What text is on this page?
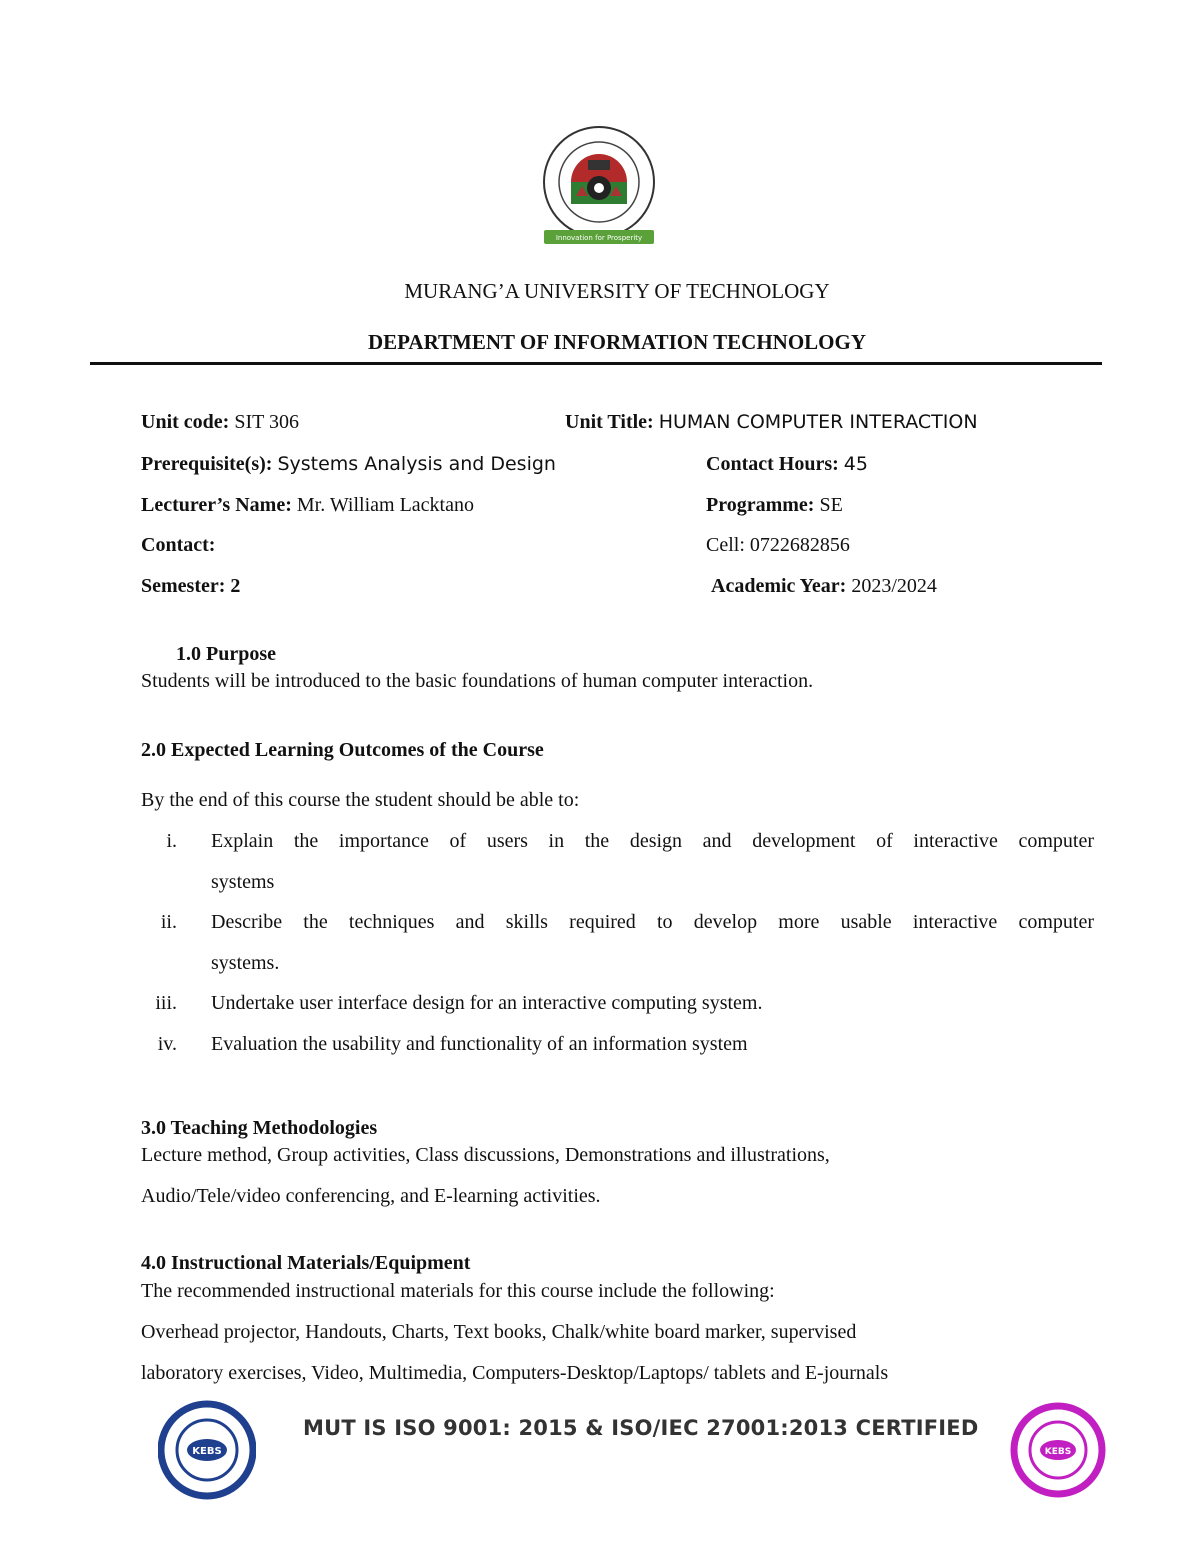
Innovation for Prosperity
MURANG’A UNIVERSITY OF TECHNOLOGY
DEPARTMENT OF INFORMATION TECHNOLOGY
Unit code: SIT 306	Unit Title: HUMAN COMPUTER INTERACTION
Prerequisite(s): Systems Analysis and Design	Contact Hours: 45
Lecturer’s Name: Mr. William Lacktano	Programme: SE
Contact:	Cell: 0722682856
Semester: 2	Academic Year: 2023/2024
1.0 Purpose
Students will be introduced to the basic foundations of human computer interaction.
2.0 Expected Learning Outcomes of the Course
By the end of this course the student should be able to:
i. Explain the importance of users in the design and development of interactive computer
systems
ii. Describe the techniques and skills required to develop more usable interactive computer
systems.
iii. Undertake user interface design for an interactive computing system.
iv. Evaluation the usability and functionality of an information system
3.0 Teaching Methodologies
Lecture method, Group activities, Class discussions, Demonstrations and illustrations,
Audio/Tele/video conferencing, and E-learning activities.
4.0 Instructional Materials/Equipment
The recommended instructional materials for this course include the following:
Overhead projector, Handouts, Charts, Text books, Chalk/white board marker, supervised
laboratory exercises, Video, Multimedia, Computers-Desktop/Laptops/ tablets and E-journals
KEBS
MUT IS ISO 9001: 2015 & ISO/IEC 27001:2013 CERTIFIED
KEBS
